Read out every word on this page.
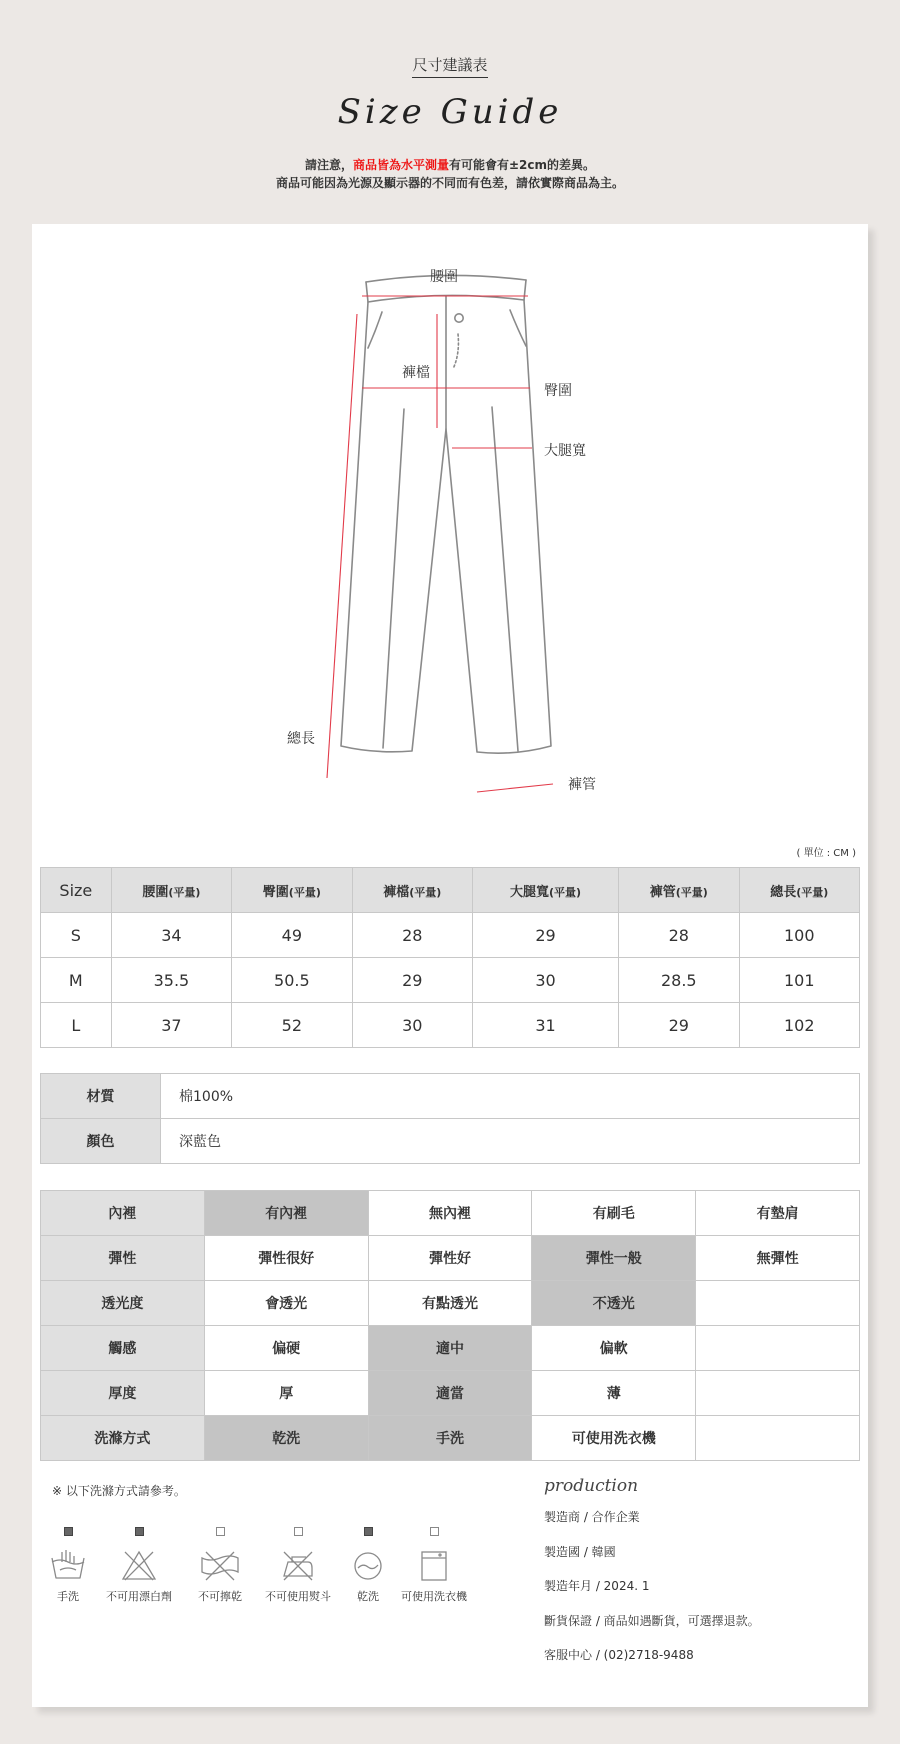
尺寸建議表
Size Guide
請注意，商品皆為水平測量有可能會有±2cm的差異。
商品可能因為光源及顯示器的不同而有色差，請依實際商品為主。
腰圍
褲檔
臀圍
大腿寬
總長
褲管
( 單位 : CM )
Size	腰圍(平量)	臀圍(平量)	褲檔(平量)	大腿寬(平量)	褲管(平量)	總長(平量)
S	34	49	28	29	28	100
M	35.5	50.5	29	30	28.5	101
L	37	52	30	31	29	102
材質	棉100%
顏色	深藍色
內裡	有內裡	無內裡	有刷毛	有墊肩
彈性	彈性很好	彈性好	彈性一般	無彈性
透光度	會透光	有點透光	不透光	
觸感	偏硬	適中	偏軟	
厚度	厚	適當	薄	
洗滌方式	乾洗	手洗	可使用洗衣機	
※ 以下洗滌方式請參考。
手洗	不可用漂白劑	不可擰乾	不可使用熨斗	乾洗	可使用洗衣機
production
製造商 / 合作企業
製造國 / 韓國
製造年月 / 2024. 1
斷貨保證 / 商品如遇斷貨，可選擇退款。
客服中心 / (02)2718-9488
